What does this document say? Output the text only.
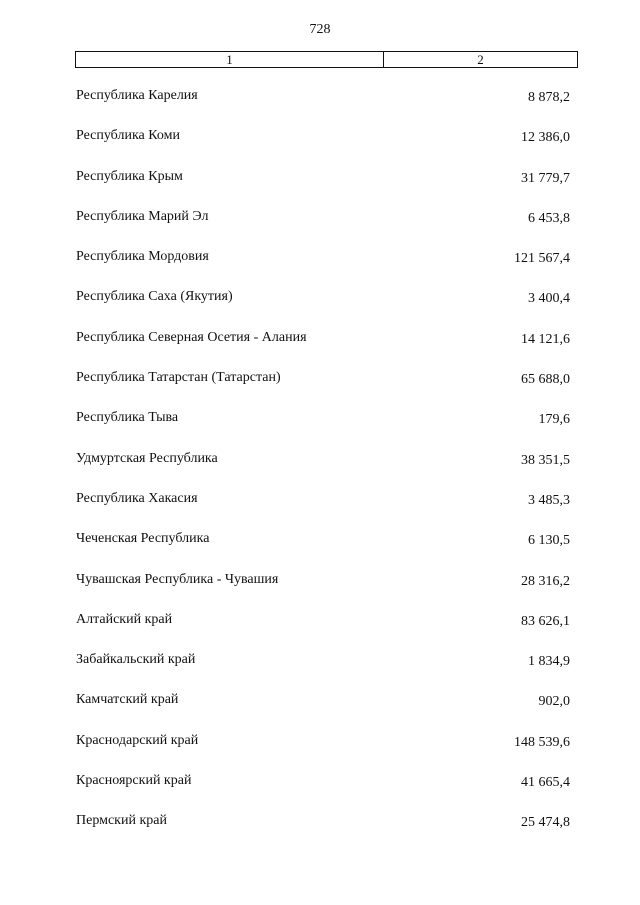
728
1	2
Республика Карелия	8 878,2
Республика Коми	12 386,0
Республика Крым	31 779,7
Республика Марий Эл	6 453,8
Республика Мордовия	121 567,4
Республика Саха (Якутия)	3 400,4
Республика Северная Осетия - Алания	14 121,6
Республика Татарстан (Татарстан)	65 688,0
Республика Тыва	179,6
Удмуртская Республика	38 351,5
Республика Хакасия	3 485,3
Чеченская Республика	6 130,5
Чувашская Республика - Чувашия	28 316,2
Алтайский край	83 626,1
Забайкальский край	1 834,9
Камчатский край	902,0
Краснодарский край	148 539,6
Красноярский край	41 665,4
Пермский край	25 474,8
